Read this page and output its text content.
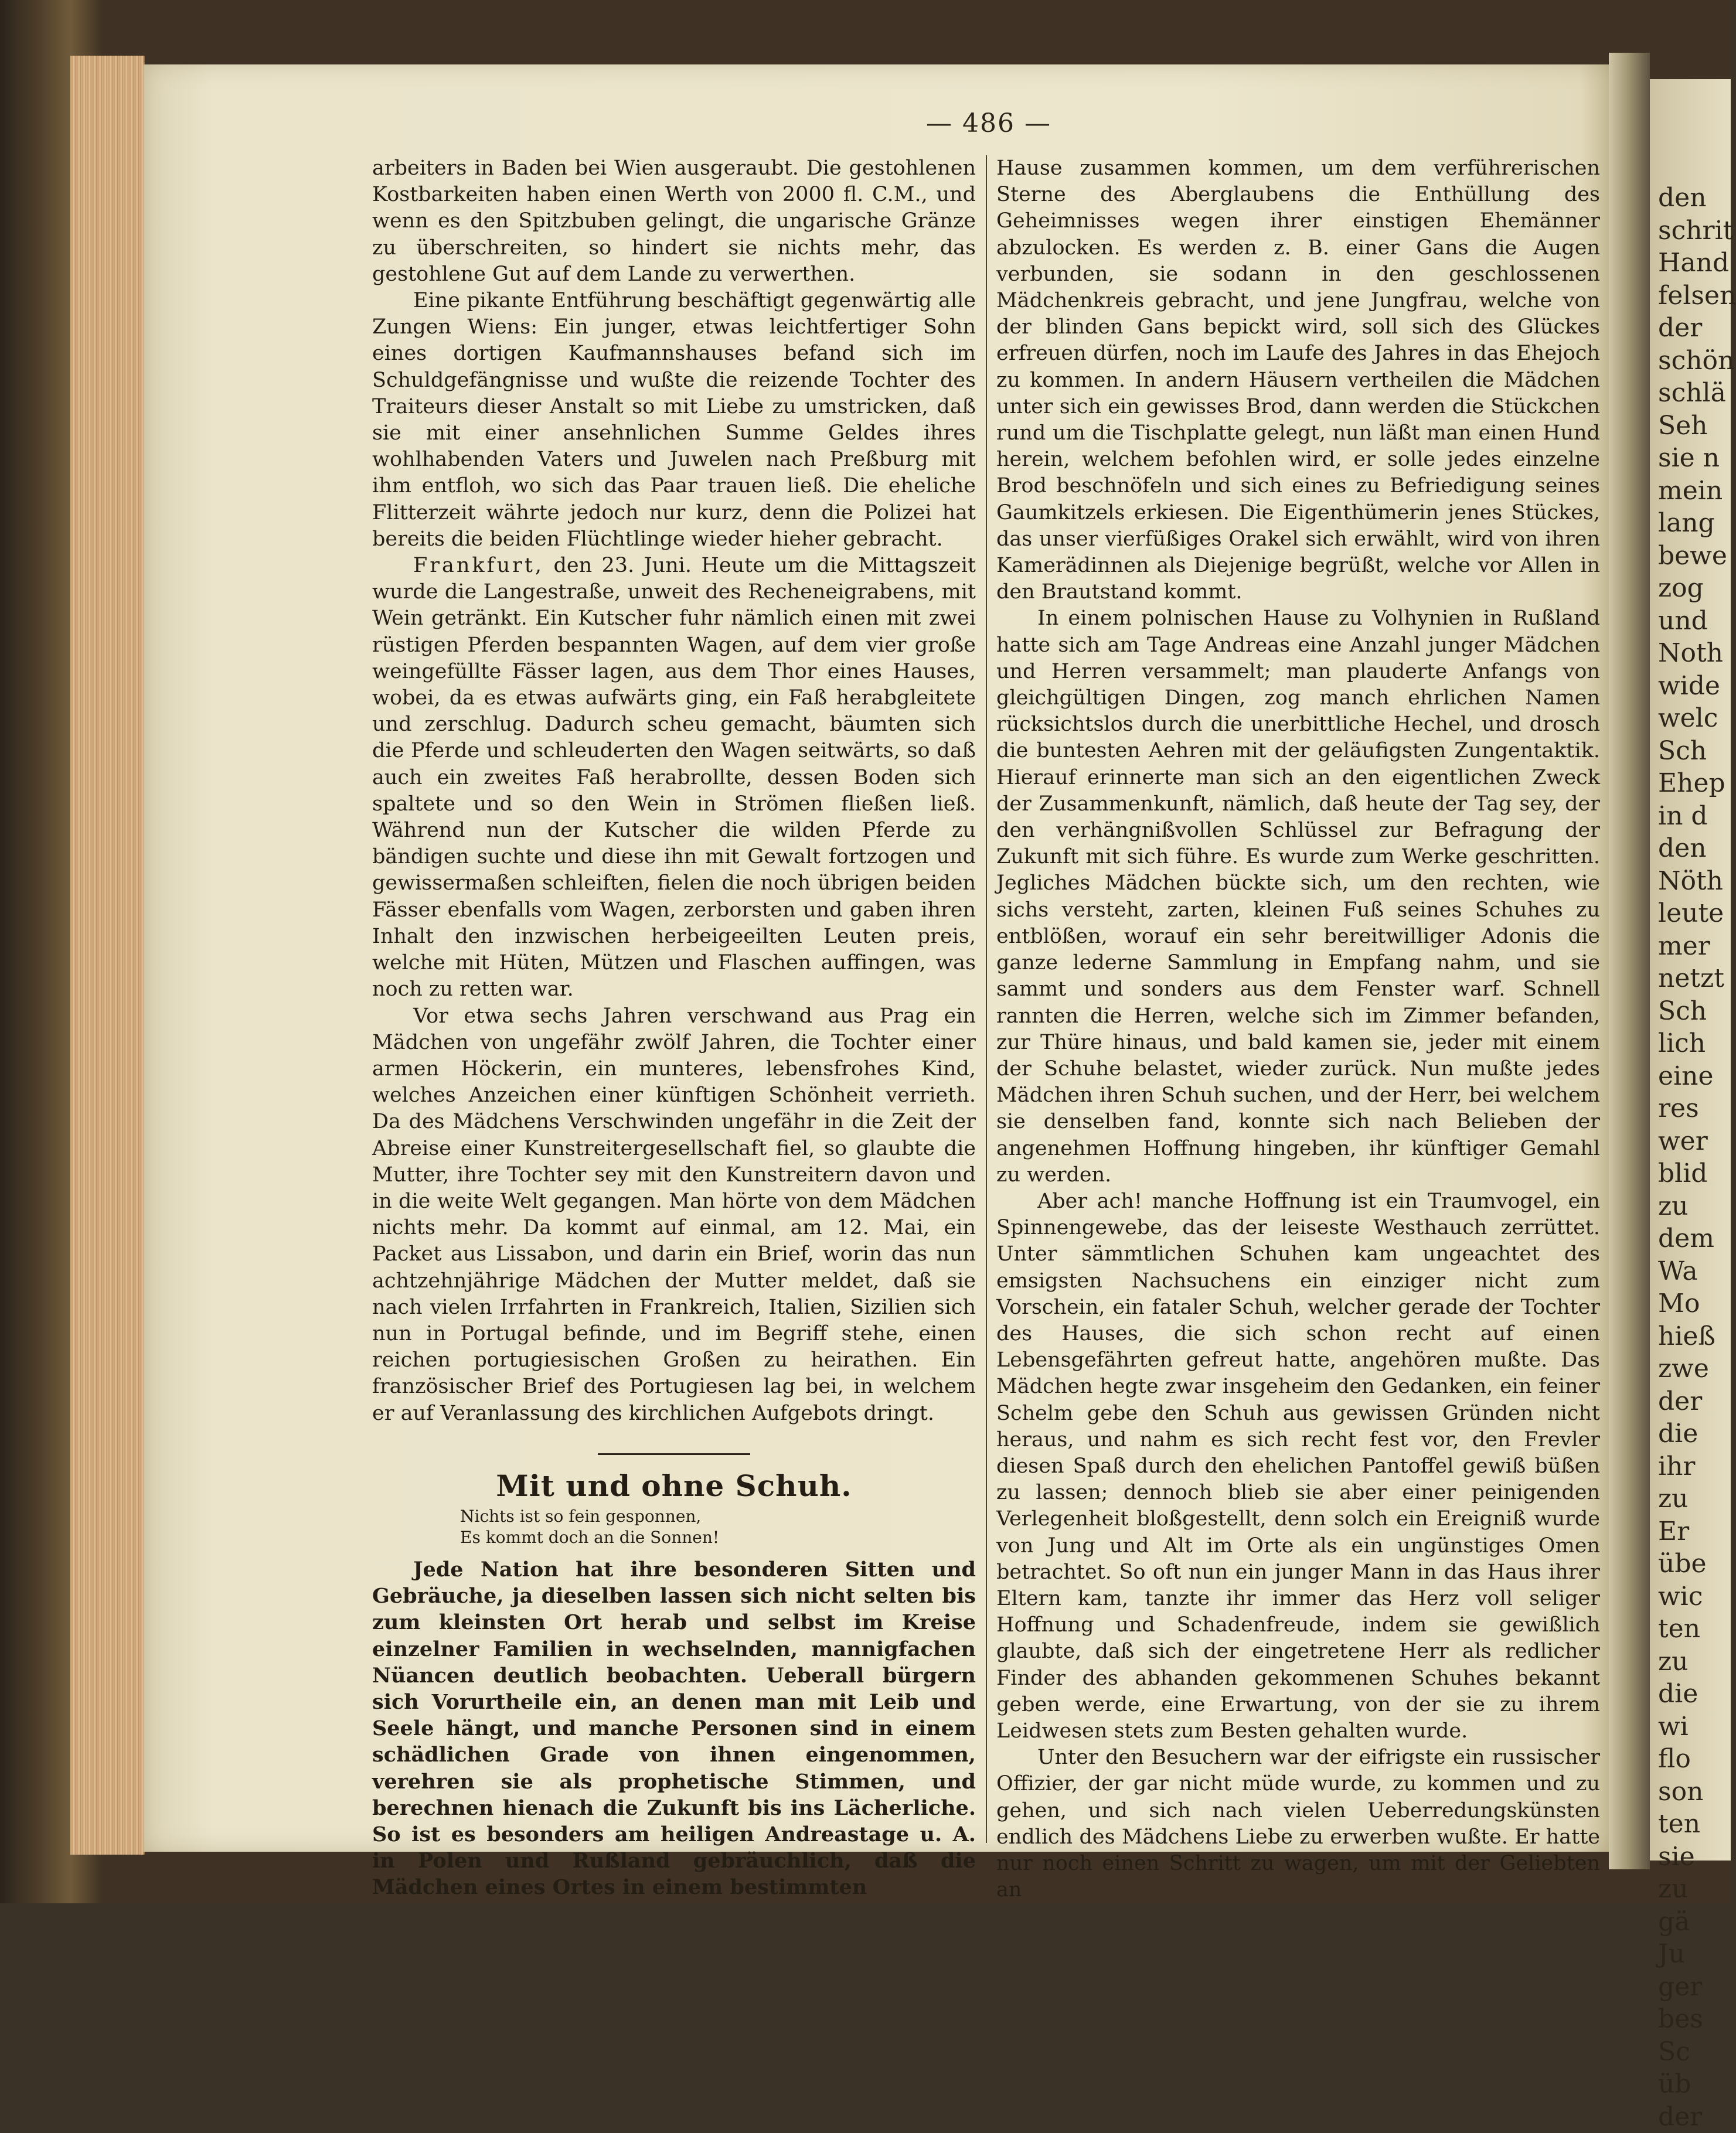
den
schrit
Hand
felsen
der
schön
schlä
Seh
sie n
mein
lang
bewe
zog
und
Noth
wide
welc
Sch
Ehep
in d
den
Nöth
leute
mer
netzt
Sch
lich
eine
res
wer
blid
zu
dem
Wa
Mo
hieß
zwe
der
die
ihr
zu
Er
übe
wic
ten
zu
die
wi
flo
son
ten
sie
zu
gä
Ju
ger
bes
Sc
üb
der
— 486 —

arbeiters in Baden bei Wien ausgeraubt. Die gestohlenen Kostbarkeiten haben einen Werth von 2000 fl. C.M., und wenn es den Spitzbuben gelingt, die ungarische Gränze zu überschreiten, so hindert sie nichts mehr, das gestohlene Gut auf dem Lande zu verwerthen.

Eine pikante Entführung beschäftigt gegenwärtig alle Zungen Wiens: Ein junger, etwas leichtfertiger Sohn eines dortigen Kaufmannshauses befand sich im Schuldgefängnisse und wußte die reizende Tochter des Traiteurs dieser Anstalt so mit Liebe zu umstricken, daß sie mit einer ansehnlichen Summe Geldes ihres wohlhabenden Vaters und Juwelen nach Preßburg mit ihm entfloh, wo sich das Paar trauen ließ. Die eheliche Flitterzeit währte jedoch nur kurz, denn die Polizei hat bereits die beiden Flüchtlinge wieder hieher gebracht.

Frankfurt, den 23. Juni. Heute um die Mittagszeit wurde die Langestraße, unweit des Recheneigrabens, mit Wein getränkt. Ein Kutscher fuhr nämlich einen mit zwei rüstigen Pferden bespannten Wagen, auf dem vier große weingefüllte Fässer lagen, aus dem Thor eines Hauses, wobei, da es etwas aufwärts ging, ein Faß herabgleitete und zerschlug. Dadurch scheu gemacht, bäumten sich die Pferde und schleuderten den Wagen seitwärts, so daß auch ein zweites Faß herabrollte, dessen Boden sich spaltete und so den Wein in Strömen fließen ließ. Während nun der Kutscher die wilden Pferde zu bändigen suchte und diese ihn mit Gewalt fortzogen und gewissermaßen schleiften, fielen die noch übrigen beiden Fässer ebenfalls vom Wagen, zerborsten und gaben ihren Inhalt den inzwischen herbeigeeilten Leuten preis, welche mit Hüten, Mützen und Flaschen auffingen, was noch zu retten war.

Vor etwa sechs Jahren verschwand aus Prag ein Mädchen von ungefähr zwölf Jahren, die Tochter einer armen Höckerin, ein munteres, lebensfrohes Kind, welches Anzeichen einer künftigen Schönheit verrieth. Da des Mädchens Verschwinden ungefähr in die Zeit der Abreise einer Kunstreitergesellschaft fiel, so glaubte die Mutter, ihre Tochter sey mit den Kunstreitern davon und in die weite Welt gegangen. Man hörte von dem Mädchen nichts mehr. Da kommt auf einmal, am 12. Mai, ein Packet aus Lissabon, und darin ein Brief, worin das nun achtzehnjährige Mädchen der Mutter meldet, daß sie nach vielen Irrfahrten in Frankreich, Italien, Sizilien sich nun in Portugal befinde, und im Begriff stehe, einen reichen portugiesischen Großen zu heirathen. Ein französischer Brief des Portugiesen lag bei, in welchem er auf Veranlassung des kirchlichen Aufgebots dringt.

Mit und ohne Schuh.
Nichts ist so fein gesponnen,
Es kommt doch an die Sonnen!

Jede Nation hat ihre besonderen Sitten und Gebräuche, ja dieselben lassen sich nicht selten bis zum kleinsten Ort herab und selbst im Kreise einzelner Familien in wechselnden, mannigfachen Nüancen deutlich beobachten. Ueberall bürgern sich Vorurtheile ein, an denen man mit Leib und Seele hängt, und manche Personen sind in einem schädlichen Grade von ihnen eingenommen, verehren sie als prophetische Stimmen, und berechnen hienach die Zukunft bis ins Lächerliche. So ist es besonders am heiligen Andreastage u. A. in Polen und Rußland gebräuchlich, daß die Mädchen eines Ortes in einem bestimmten

Hause zusammen kommen, um dem verführerischen Sterne des Aberglaubens die Enthüllung des Geheimnisses wegen ihrer einstigen Ehemänner abzulocken. Es werden z. B. einer Gans die Augen verbunden, sie sodann in den geschlossenen Mädchenkreis gebracht, und jene Jungfrau, welche von der blinden Gans bepickt wird, soll sich des Glückes erfreuen dürfen, noch im Laufe des Jahres in das Ehejoch zu kommen. In andern Häusern vertheilen die Mädchen unter sich ein gewisses Brod, dann werden die Stückchen rund um die Tischplatte gelegt, nun läßt man einen Hund herein, welchem befohlen wird, er solle jedes einzelne Brod beschnöfeln und sich eines zu Befriedigung seines Gaumkitzels erkiesen. Die Eigenthümerin jenes Stückes, das unser vierfüßiges Orakel sich erwählt, wird von ihren Kamerädinnen als Diejenige begrüßt, welche vor Allen in den Brautstand kommt.

In einem polnischen Hause zu Volhynien in Rußland hatte sich am Tage Andreas eine Anzahl junger Mädchen und Herren versammelt; man plauderte Anfangs von gleichgültigen Dingen, zog manch ehrlichen Namen rücksichtslos durch die unerbittliche Hechel, und drosch die buntesten Aehren mit der geläufigsten Zungentaktik. Hierauf erinnerte man sich an den eigentlichen Zweck der Zusammenkunft, nämlich, daß heute der Tag sey, der den verhängnißvollen Schlüssel zur Befragung der Zukunft mit sich führe. Es wurde zum Werke geschritten. Jegliches Mädchen bückte sich, um den rechten, wie sichs versteht, zarten, kleinen Fuß seines Schuhes zu entblößen, worauf ein sehr bereitwilliger Adonis die ganze lederne Sammlung in Empfang nahm, und sie sammt und sonders aus dem Fenster warf. Schnell rannten die Herren, welche sich im Zimmer befanden, zur Thüre hinaus, und bald kamen sie, jeder mit einem der Schuhe belastet, wieder zurück. Nun mußte jedes Mädchen ihren Schuh suchen, und der Herr, bei welchem sie denselben fand, konnte sich nach Belieben der angenehmen Hoffnung hingeben, ihr künftiger Gemahl zu werden.

Aber ach! manche Hoffnung ist ein Traumvogel, ein Spinnengewebe, das der leiseste Westhauch zerrüttet. Unter sämmtlichen Schuhen kam ungeachtet des emsigsten Nachsuchens ein einziger nicht zum Vorschein, ein fataler Schuh, welcher gerade der Tochter des Hauses, die sich schon recht auf einen Lebensgefährten gefreut hatte, angehören mußte. Das Mädchen hegte zwar insgeheim den Gedanken, ein feiner Schelm gebe den Schuh aus gewissen Gründen nicht heraus, und nahm es sich recht fest vor, den Frevler diesen Spaß durch den ehelichen Pantoffel gewiß büßen zu lassen; dennoch blieb sie aber einer peinigenden Verlegenheit bloßgestellt, denn solch ein Ereigniß wurde von Jung und Alt im Orte als ein ungünstiges Omen betrachtet. So oft nun ein junger Mann in das Haus ihrer Eltern kam, tanzte ihr immer das Herz voll seliger Hoffnung und Schadenfreude, indem sie gewißlich glaubte, daß sich der eingetretene Herr als redlicher Finder des abhanden gekommenen Schuhes bekannt geben werde, eine Erwartung, von der sie zu ihrem Leidwesen stets zum Besten gehalten wurde.

Unter den Besuchern war der eifrigste ein russischer Offizier, der gar nicht müde wurde, zu kommen und zu gehen, und sich nach vielen Ueberredungskünsten endlich des Mädchens Liebe zu erwerben wußte. Er hatte nur noch einen Schritt zu wagen, um mit der Geliebten an
